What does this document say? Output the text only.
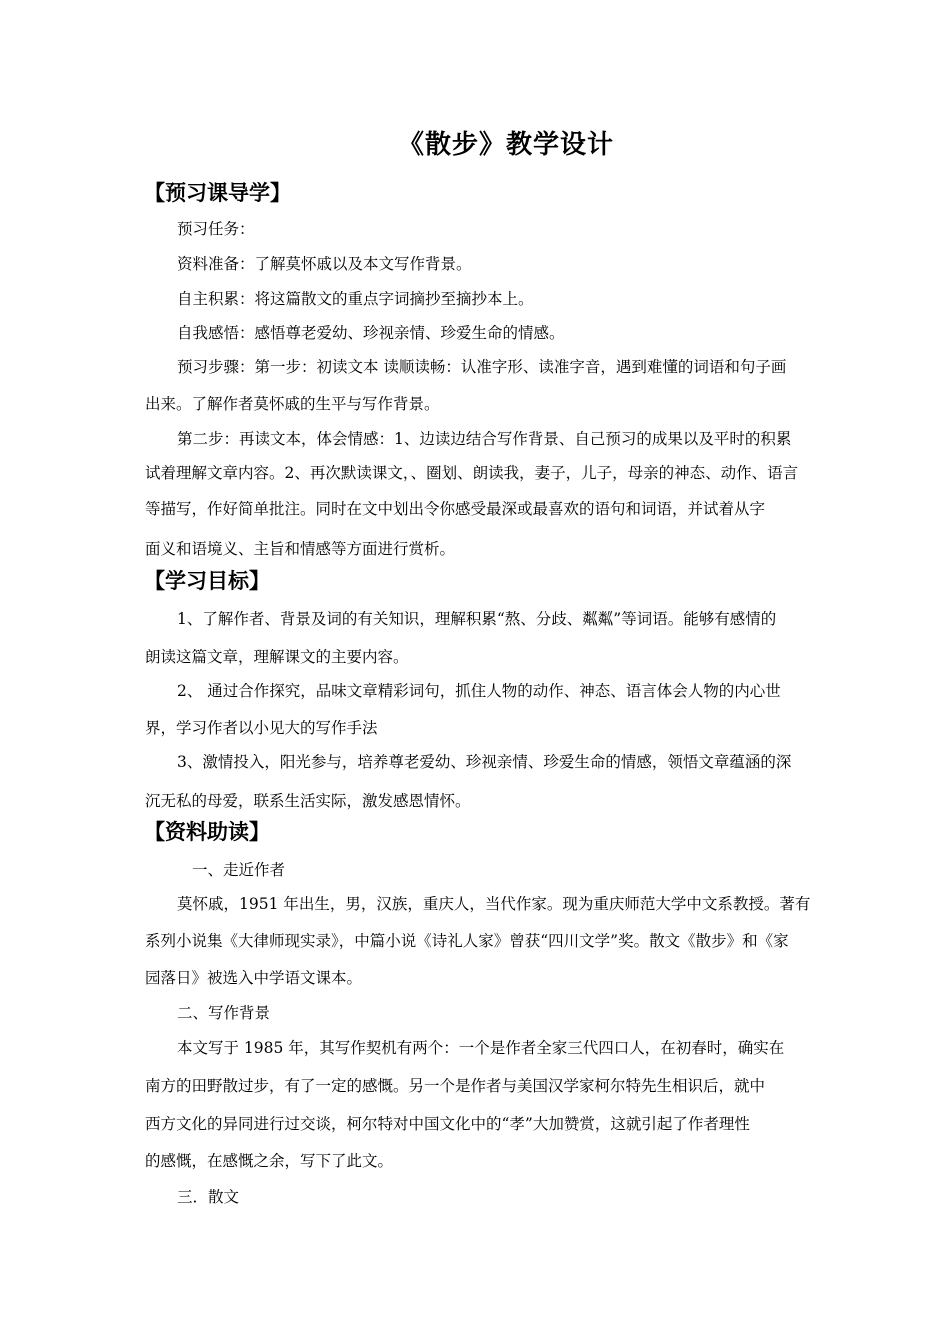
《散步》教学设计
【预习课导学】
预习任务：
资料准备：了解莫怀戚以及本文写作背景。
自主积累：将这篇散文的重点字词摘抄至摘抄本上。
自我感悟：感悟尊老爱幼、珍视亲情、珍爱生命的情感。
预习步骤：第一步：初读文本 读顺读畅：认准字形、读准字音，遇到难懂的词语和句子画
出来。了解作者莫怀戚的生平与写作背景。
第二步：再读文本，体会情感：1、边读边结合写作背景、自己预习的成果以及平时的积累
试着理解文章内容。2、再次默读课文，、圈划、朗读我，妻子，儿子，母亲的神态、动作、语言
等描写，作好简单批注。同时在文中划出令你感受最深或最喜欢的语句和词语，并试着从字
面义和语境义、主旨和情感等方面进行赏析。
【学习目标】
1、了解作者、背景及词的有关知识，理解积累“熬、分歧、粼粼”等词语。能够有感情的
朗读这篇文章，理解课文的主要内容。
2、 通过合作探究，品味文章精彩词句，抓住人物的动作、神态、语言体会人物的内心世
界，学习作者以小见大的写作手法
3、激情投入，阳光参与，培养尊老爱幼、珍视亲情、珍爱生命的情感，领悟文章蕴涵的深
沉无私的母爱，联系生活实际，激发感恩情怀。
【资料助读】
一、走近作者
莫怀戚，1951 年出生，男，汉族，重庆人，当代作家。现为重庆师范大学中文系教授。著有
系列小说集《大律师现实录》，中篇小说《诗礼人家》曾获“四川文学”奖。散文《散步》和《家
园落日》被选入中学语文课本。
二、写作背景
本文写于 1985 年，其写作契机有两个：一个是作者全家三代四口人，在初春时，确实在
南方的田野散过步，有了一定的感慨。另一个是作者与美国汉学家柯尔特先生相识后，就中
西方文化的异同进行过交谈，柯尔特对中国文化中的“孝”大加赞赏，这就引起了作者理性
的感慨，在感慨之余，写下了此文。
三．散文
